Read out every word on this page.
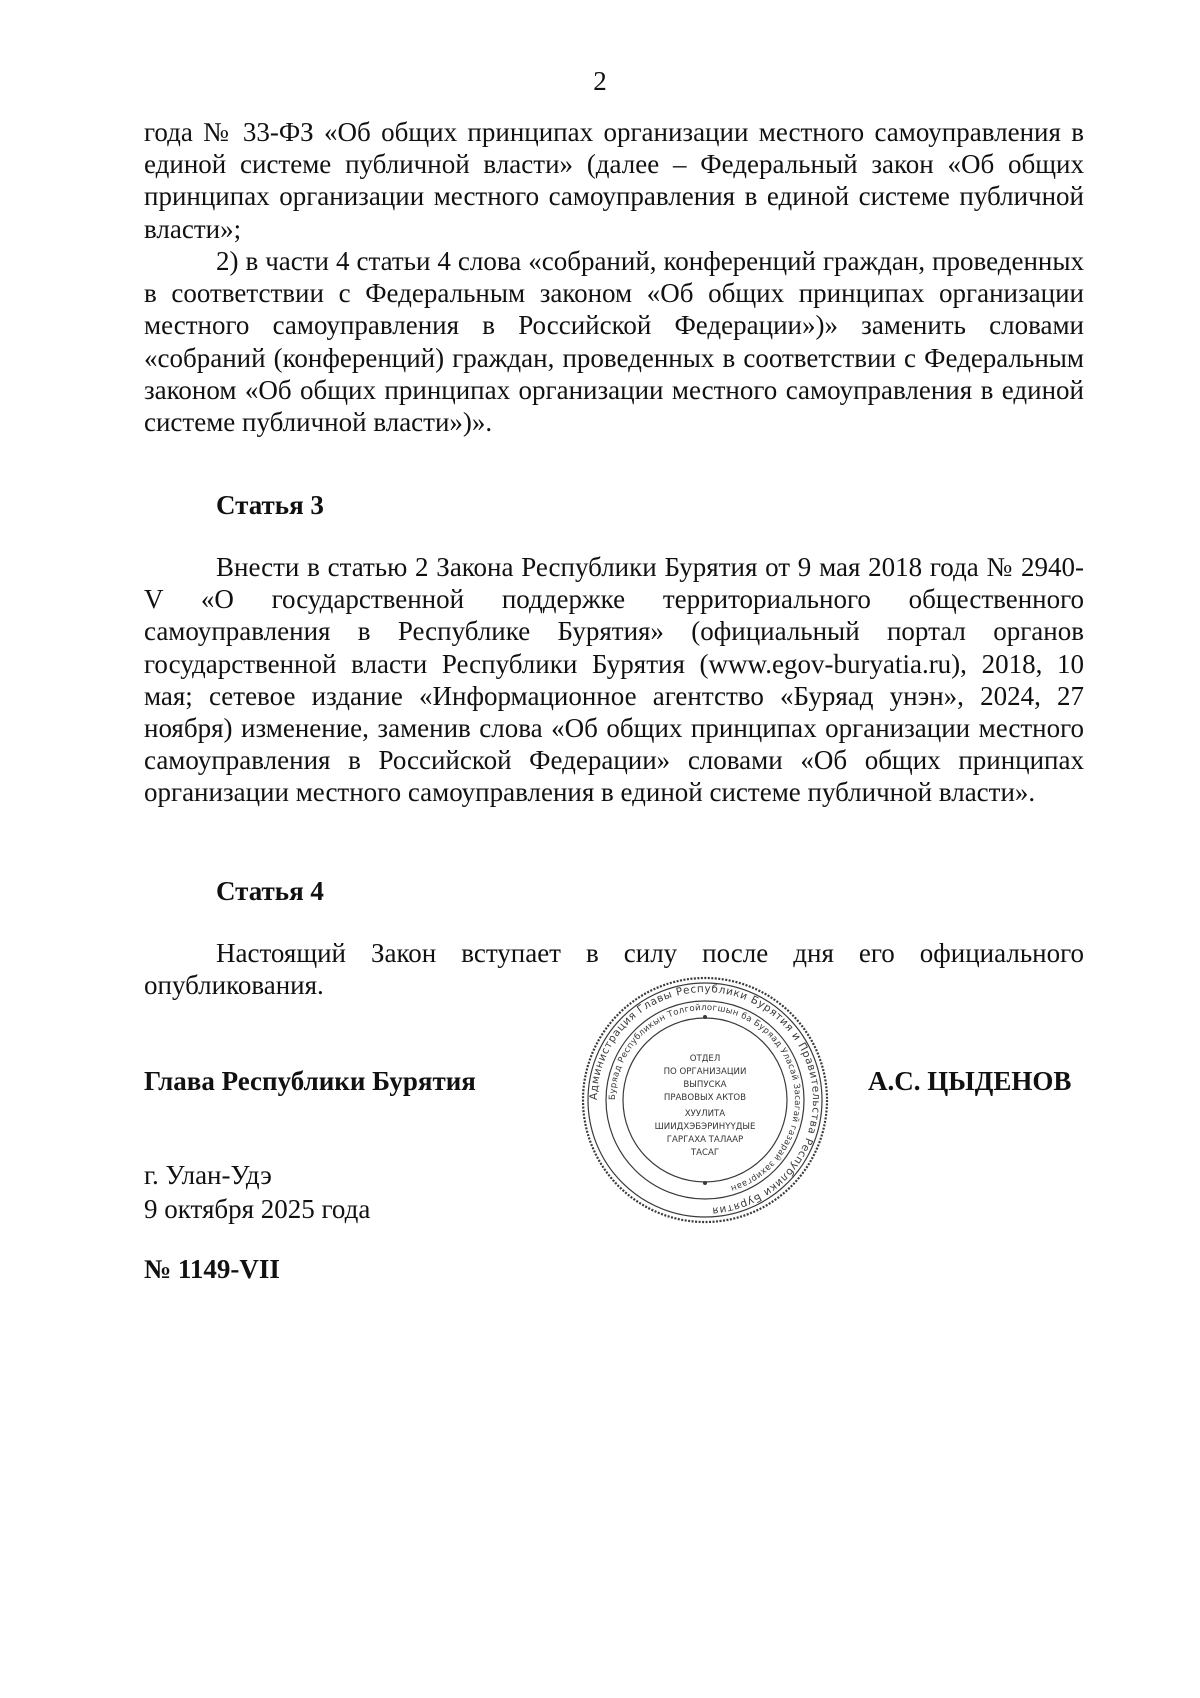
2

года № 33-ФЗ «Об общих принципах организации местного самоуправления в единой системе публичной власти» (далее – Федеральный закон «Об общих принципах организации местного самоуправления в единой системе публичной власти»;

2) в части 4 статьи 4 слова «собраний, конференций граждан, проведенных в соответствии с Федеральным законом «Об общих принципах организации местного самоуправления в Российской Федерации»)» заменить словами «собраний (конференций) граждан, проведенных в соответствии с Федеральным законом «Об общих принципах организации местного самоуправления в единой системе публичной власти»)».

Статья 3

Внести в статью 2 Закона Республики Бурятия от 9 мая 2018 года № 2940-V «О государственной поддержке территориального общественного самоуправления в Республике Бурятия» (официальный портал органов государственной власти Республики Бурятия (www.egov-buryatia.ru), 2018, 10 мая; сетевое издание «Информационное агентство «Буряад унэн», 2024, 27 ноября) изменение, заменив слова «Об общих принципах организации местного самоуправления в Российской Федерации» словами «Об общих принципах организации местного самоуправления в единой системе публичной власти».

Статья 4

Настоящий Закон вступает в силу после дня его официального опубликования.

Глава Республики Бурятия	А.С. ЦЫДЕНОВ
Администрация Главы Республики Бурятия и Правительства Республики Бурятия
Буряад Республикын Толгойлогшын ба Буряад Уласай Засагай газарай захиргаан
ОТДЕЛ
ПО ОРГАНИЗАЦИИ
ВЫПУСКА
ПРАВОВЫХ АКТОВ
ХУУЛИТА
ШИИДХЭБЭРИНҮҮДЫЕ
ГАРГАХА ТАЛААР
ТАСАГ
г. Улан-Удэ
9 октября 2025 года
№ 1149-VII
